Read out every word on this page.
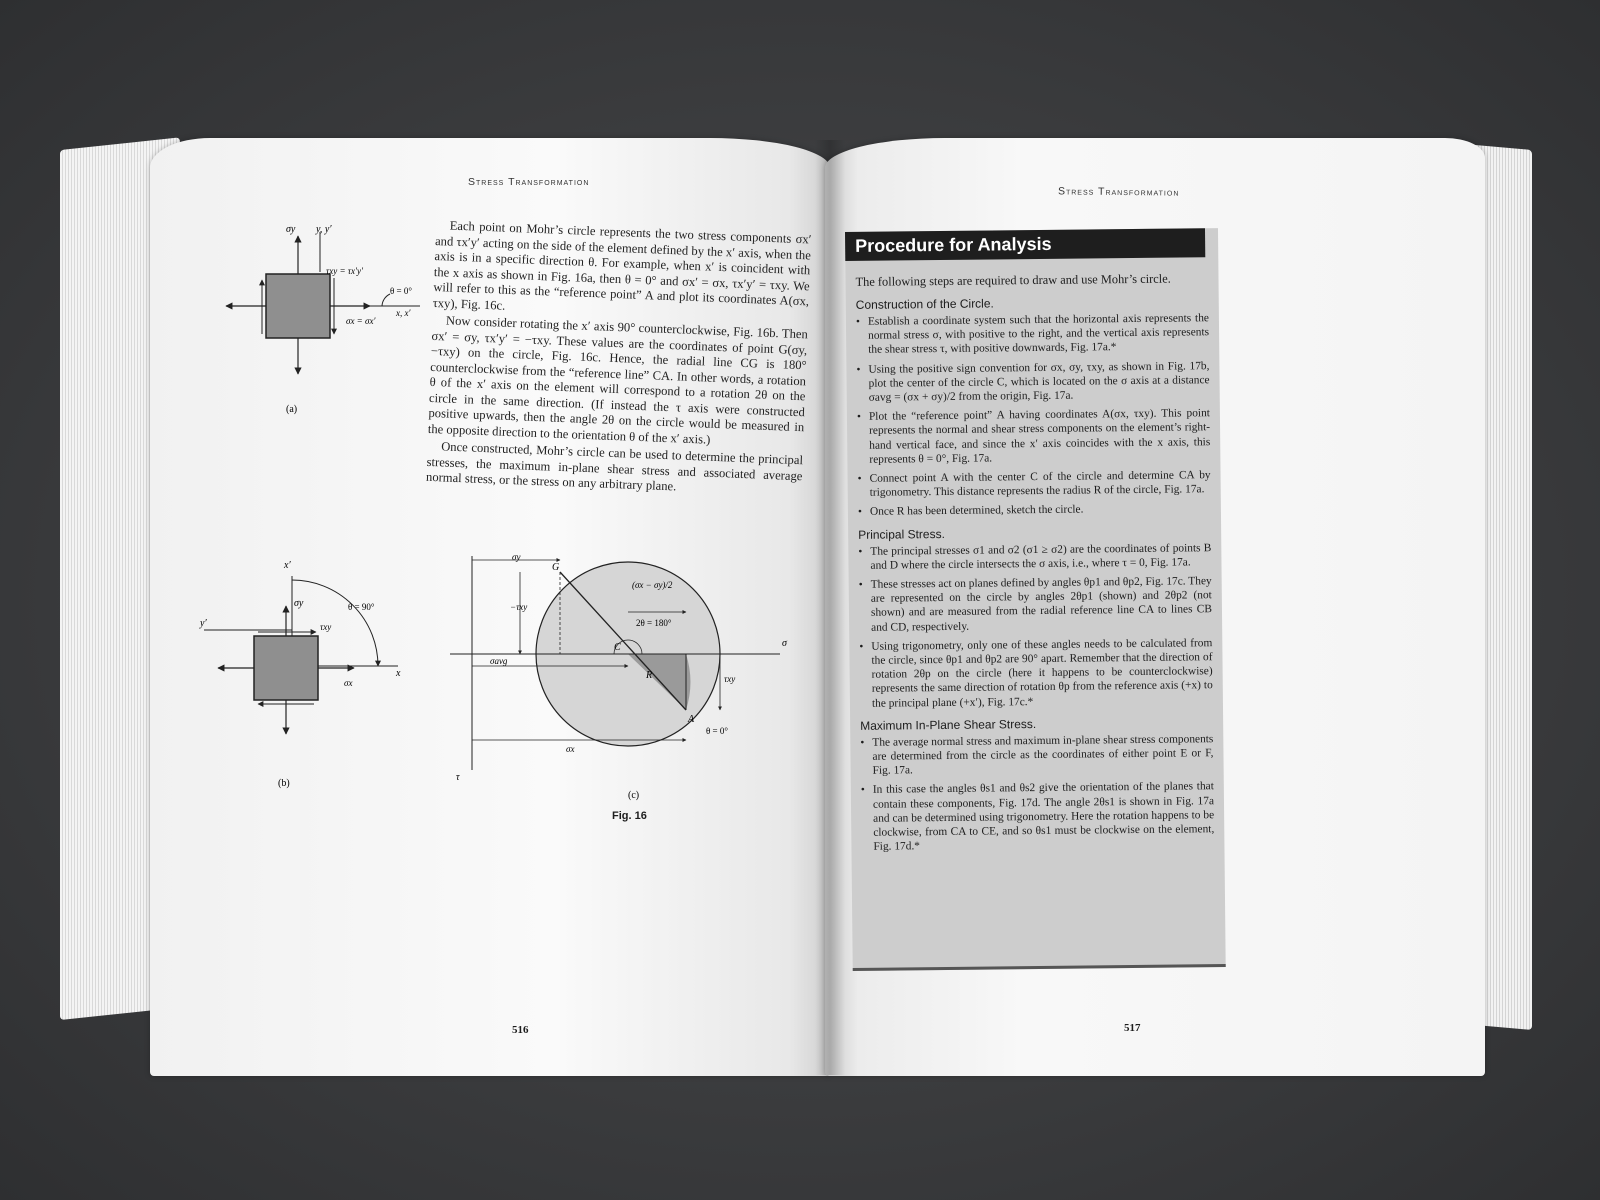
Stress Transformation
Stress Transformation

Each point on Mohr’s circle represents the two stress components σx′ and τx′y′ acting on the side of the element defined by the x′ axis, when the axis is in a specific direction θ. For example, when x′ is coincident with the x axis as shown in Fig. 16a, then θ = 0° and σx′ = σx, τx′y′ = τxy. We will refer to this as the “reference point” A and plot its coordinates A(σx, τxy), Fig. 16c.

Now consider rotating the x′ axis 90° counterclockwise, Fig. 16b. Then σx′ = σy, τx′y′ = −τxy. These values are the coordinates of point G(σy,−τxy) on the circle, Fig. 16c. Hence, the radial line CG is 180° counterclockwise from the “reference line” CA. In other words, a rotation θ of the x′ axis on the element will correspond to a rotation 2θ on the circle in the same direction. (If instead the τ axis were constructed positive upwards, then the angle 2θ on the circle would be measured in the opposite direction to the orientation θ of the x′ axis.)

Once constructed, Mohr’s circle can be used to determine the principal stresses, the maximum in-plane shear stress and associated average normal stress, or the stress on any arbitrary plane.

σy y, y′
τxy = τx′y′
θ = 0°
x, x′
σx = σx′
(a)
x′
σy	θ = 90°
y′	τxy
x
σx
(b)
σy
G
(σx − σy)/2
−τxy
2θ = 180°
σ
σavg
C
R	τxy
A
θ = 0°
σx
τ
(c)
Fig. 16
516
Procedure for Analysis
The following steps are required to draw and use Mohr’s circle.
Construction of the Circle.
• Establish a coordinate system such that the horizontal axis represents the normal stress σ, with positive to the right, and the vertical axis represents the shear stress τ, with positive downwards, Fig. 17a.*
• Using the positive sign convention for σx, σy, τxy, as shown in Fig. 17b, plot the center of the circle C, which is located on the σ axis at a distance σavg = (σx + σy)/2 from the origin, Fig. 17a.
• Plot the “reference point” A having coordinates A(σx, τxy). This point represents the normal and shear stress components on the element’s right-hand vertical face, and since the x′ axis coincides with the x axis, this represents θ = 0°, Fig. 17a.
• Connect point A with the center C of the circle and determine CA by trigonometry. This distance represents the radius R of the circle, Fig. 17a.
• Once R has been determined, sketch the circle.
Principal Stress.
• The principal stresses σ1 and σ2 (σ1 ≥ σ2) are the coordinates of points B and D where the circle intersects the σ axis, i.e., where τ = 0, Fig. 17a.
• These stresses act on planes defined by angles θp1 and θp2, Fig. 17c. They are represented on the circle by angles 2θp1 (shown) and 2θp2 (not shown) and are measured from the radial reference line CA to lines CB and CD, respectively.
• Using trigonometry, only one of these angles needs to be calculated from the circle, since θp1 and θp2 are 90° apart. Remember that the direction of rotation 2θp on the circle (here it happens to be counterclockwise) represents the same direction of rotation θp from the reference axis (+x) to the principal plane (+x′), Fig. 17c.*
Maximum In-Plane Shear Stress.
• The average normal stress and maximum in-plane shear stress components are determined from the circle as the coordinates of either point E or F, Fig. 17a.
• In this case the angles θs1 and θs2 give the orientation of the planes that contain these components, Fig. 17d. The angle 2θs1 is shown in Fig. 17a and can be determined using trigonometry. Here the rotation happens to be clockwise, from CA to CE, and so θs1 must be clockwise on the element, Fig. 17d.*
517
